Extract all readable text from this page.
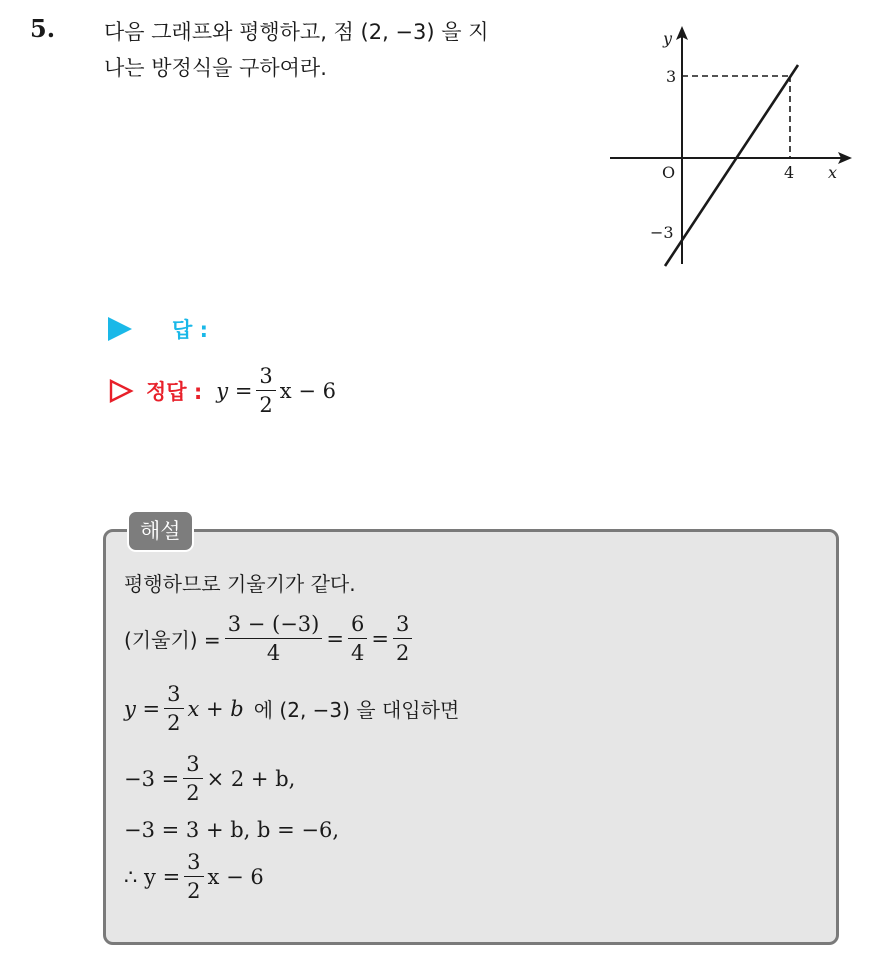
5. 다음 그래프와 평행하고, 점 (2, −3) 을 지
나는 방정식을 구하여라.
y
x
O	4
3
−3
답 :
정답 : $y = \frac{3}{2}$ x − 6
해설
평행하므로 기울기가 같다.
(기울기) = $\frac{3 - (-3)}{4} = \frac{6}{4} = \frac{3}{2}$
$y = \frac{3}{2}$ x + b 에 (2, −3) 을 대입하면
$-3 = \frac{3}{2} \times 2 + b$,
−3 = 3 + b, b = −6,
∴ $y = \frac{3}{2}$ x − 6
